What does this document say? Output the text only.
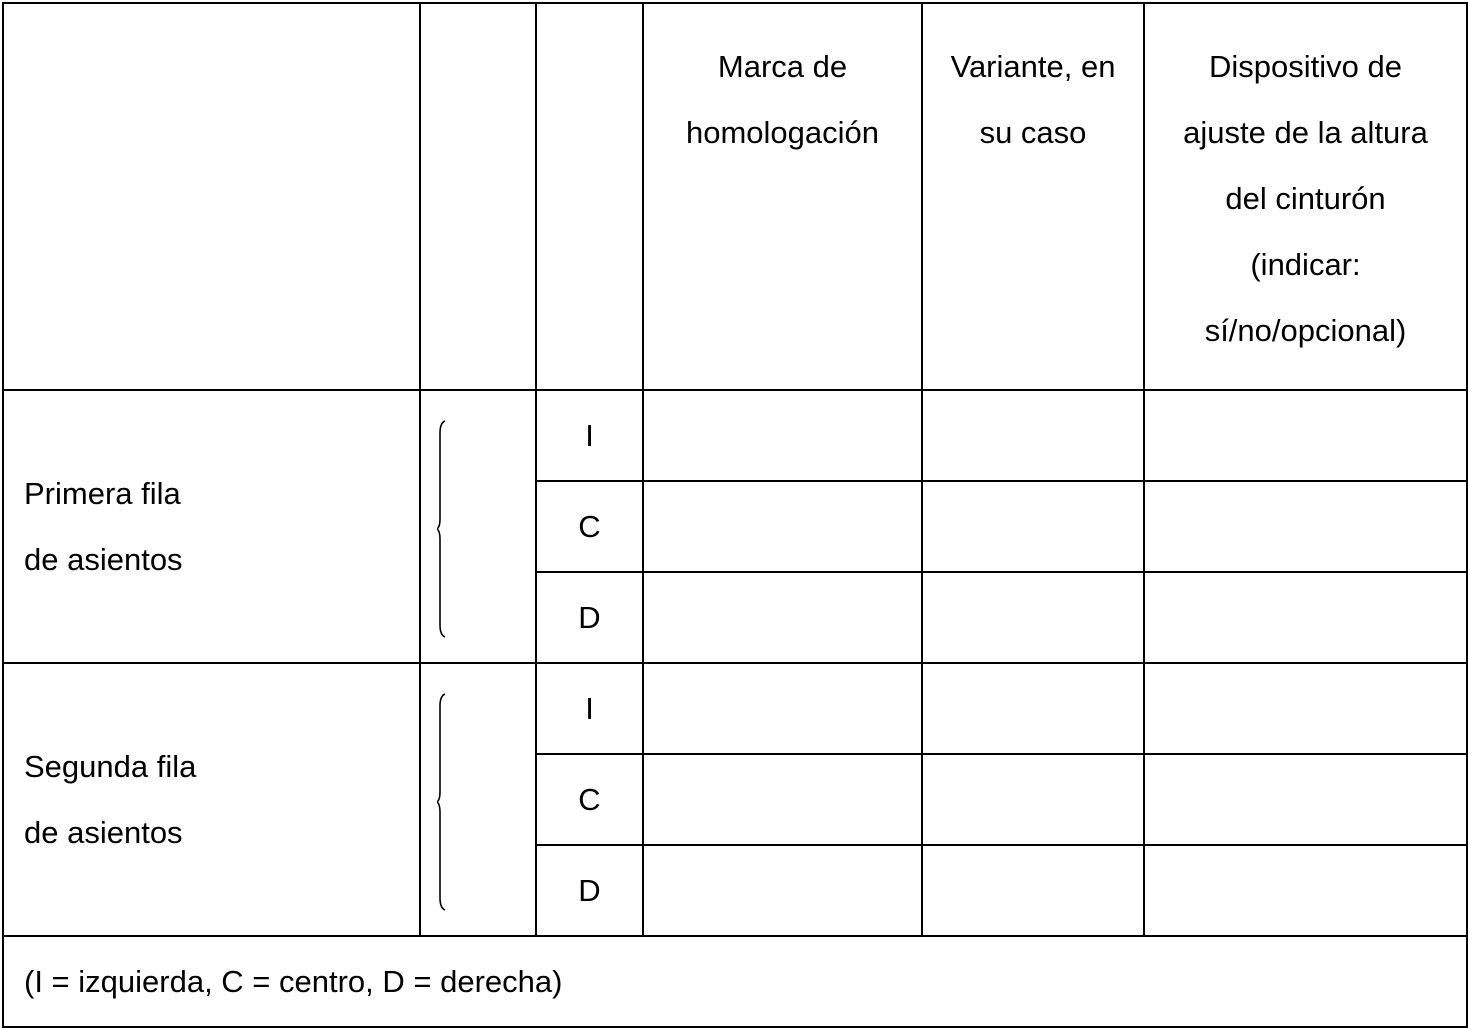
			Marca de homologación	Variante, en su caso	Dispositivo de ajuste de la altura del cinturón (indicar: sí/no/opcional)
Primera fila de asientos		I			
		C			
		D			
Segunda fila de asientos		I			
		C			
		D			
(I = izquierda, C = centro, D = derecha)					
